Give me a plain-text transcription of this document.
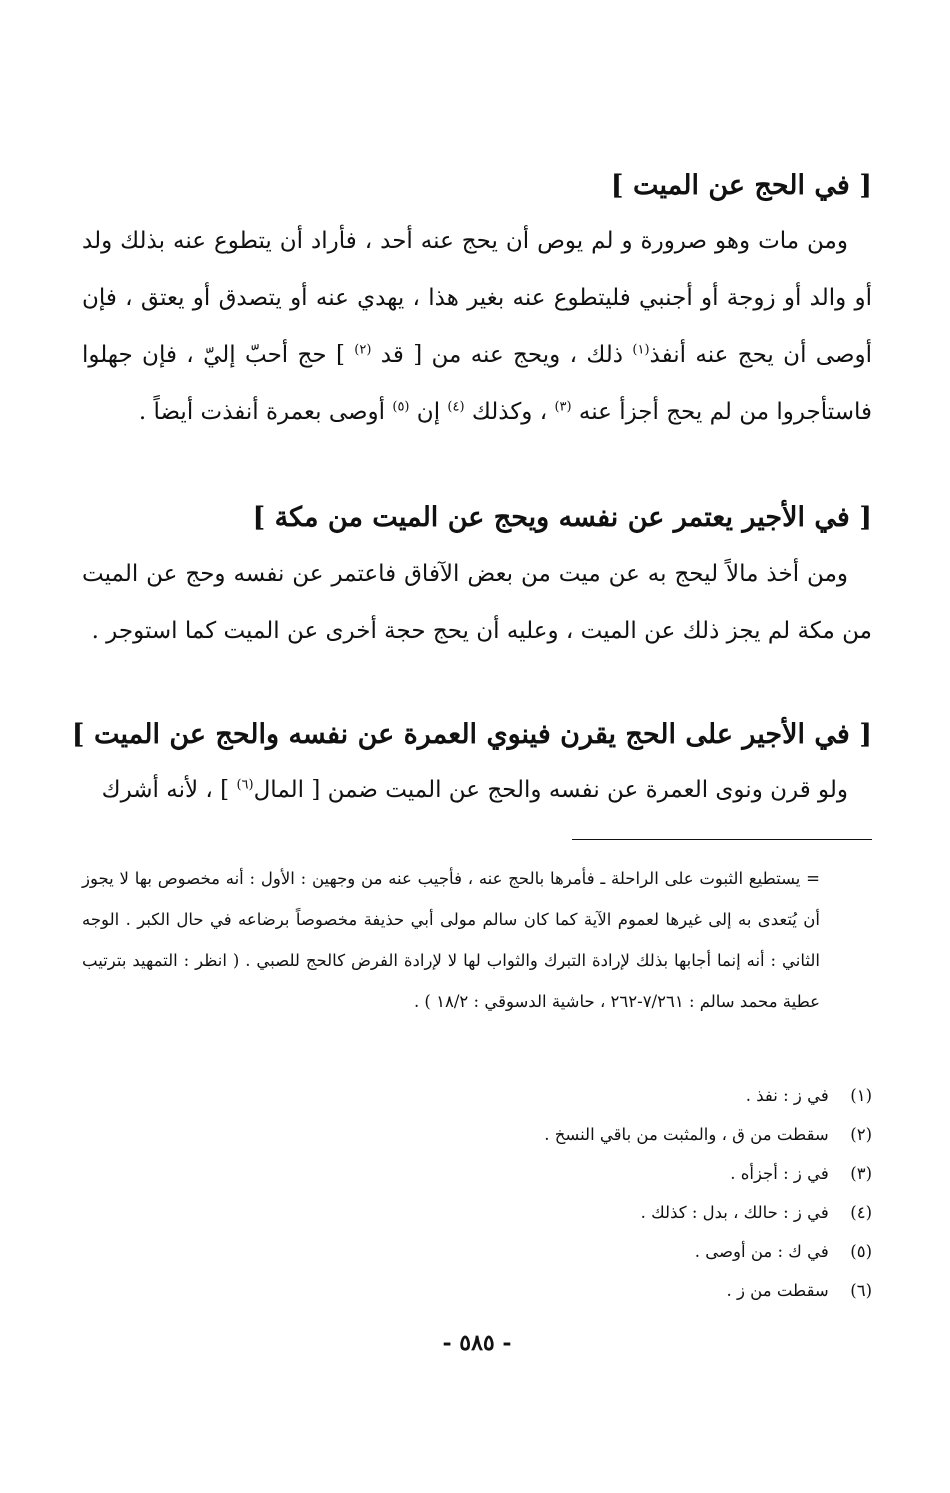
[ في الحج عن الميت ]

ومن مات وهو صرورة و لم يوص أن يحج عنه أحد ، فأراد أن يتطوع عنه بذلك ولد أو والد أو زوجة أو أجنبي فليتطوع عنه بغير هذا ، يهدي عنه أو يتصدق أو يعتق ، فإن أوصى أن يحج عنه أنفذ$^{(١)}$ ذلك ، ويحج عنه من [ قد $^{(٢)}$ ] حج أحبّ إليّ ، فإن جهلوا فاستأجروا من لم يحج أجزأ عنه $^{(٣)}$ ، وكذلك $^{(٤)}$ إن $^{(٥)}$ أوصى بعمرة أنفذت أيضاً .

[ في الأجير يعتمر عن نفسه ويحج عن الميت من مكة ]

ومن أخذ مالاً ليحج به عن ميت من بعض الآفاق فاعتمر عن نفسه وحج عن الميت من مكة لم يجز ذلك عن الميت ، وعليه أن يحج حجة أخرى عن الميت كما استوجر .

[ في الأجير على الحج يقرن فينوي العمرة عن نفسه والحج عن الميت ]

ولو قرن ونوى العمرة عن نفسه والحج عن الميت ضمن [ المال$^{(٦)}$ ] ، لأنه أشرك

= يستطيع الثبوت على الراحلة ـ فأمرها بالحج عنه ، فأجيب عنه من وجهين : الأول : أنه مخصوص بها لا يجوز أن يُتعدى به إلى غيرها لعموم الآية كما كان سالم مولى أبي حذيفة مخصوصاً برضاعه في حال الكبر . الوجه الثاني : أنه إنما أجابها بذلك لإرادة التبرك والثواب لها لا لإرادة الفرض كالحج للصبي . ( انظر : التمهيد بترتيب عطية محمد سالم : ٧/٢٦١-٢٦٢ ، حاشية الدسوقي : ١٨/٢ ) .

(١) في ز : نفذ .
(٢) سقطت من ق ، والمثبت من باقي النسخ .
(٣) في ز : أجزأه .
(٤) في ز : حالك ، بدل : كذلك .
(٥) في ك : من أوصى .
(٦) سقطت من ز .
- ٥٨٥ -
